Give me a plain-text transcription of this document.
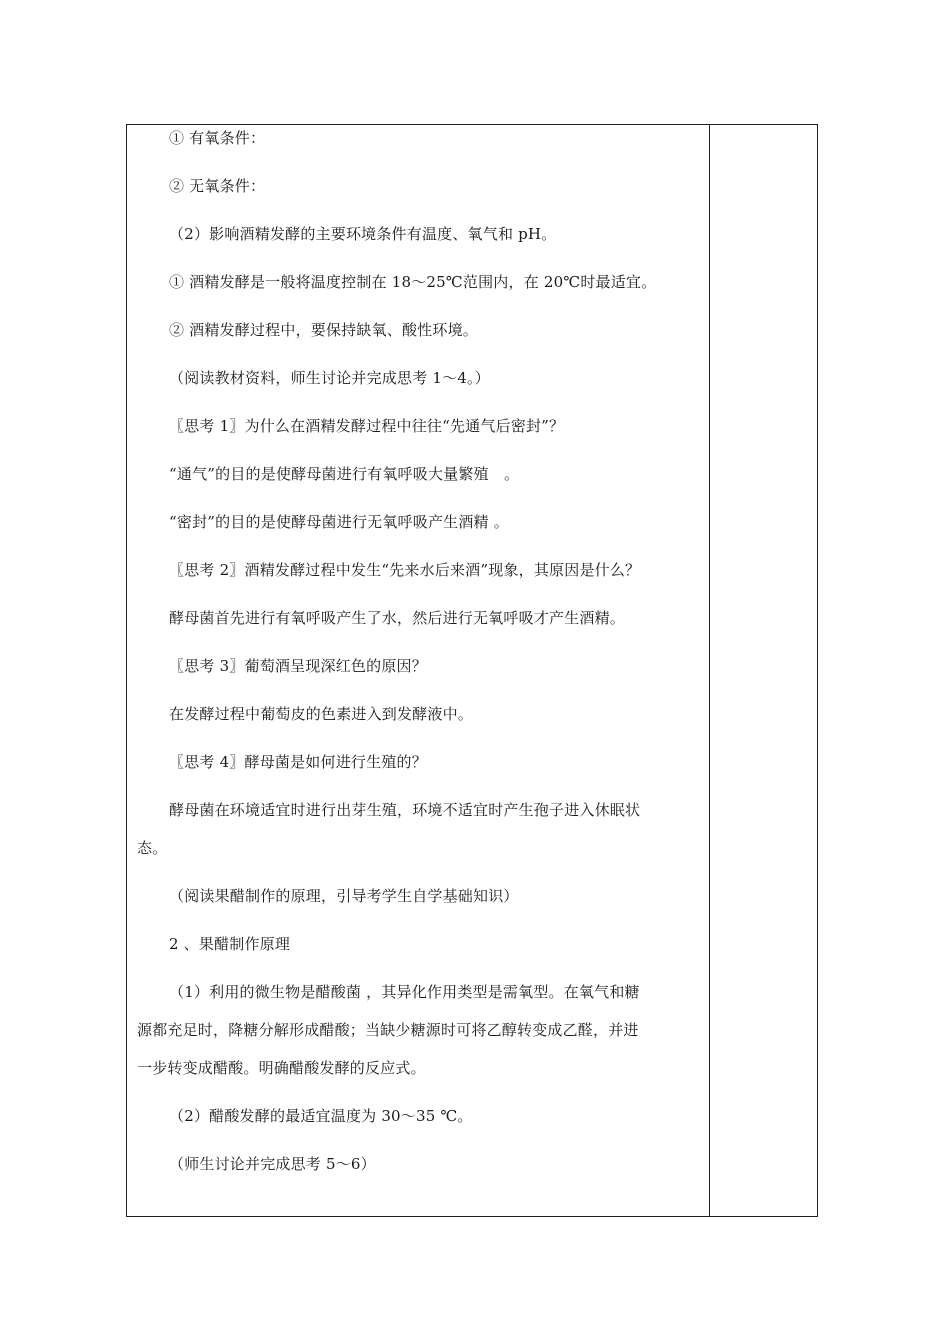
① 有氧条件：
② 无氧条件：
（2）影响酒精发酵的主要环境条件有温度、氧气和 pH。
① 酒精发酵是一般将温度控制在 18～25℃范围内，在 20℃时最适宜。
② 酒精发酵过程中，要保持缺氧、酸性环境。
（阅读教材资料，师生讨论并完成思考 1～4。）
〖思考 1〗为什么在酒精发酵过程中往往“先通气后密封”？
“通气”的目的是使酵母菌进行有氧呼吸大量繁殖　。
“密封”的目的是使酵母菌进行无氧呼吸产生酒精 。
〖思考 2〗酒精发酵过程中发生“先来水后来酒”现象，其原因是什么？
酵母菌首先进行有氧呼吸产生了水，然后进行无氧呼吸才产生酒精。
〖思考 3〗葡萄酒呈现深红色的原因？
在发酵过程中葡萄皮的色素进入到发酵液中。
〖思考 4〗酵母菌是如何进行生殖的？
酵母菌在环境适宜时进行出芽生殖，环境不适宜时产生孢子进入休眠状
态。
（阅读果醋制作的原理，引导考学生自学基础知识）
2 、果醋制作原理
（1）利用的微生物是醋酸菌 ，其异化作用类型是需氧型。在氧气和糖
源都充足时，降糖分解形成醋酸；当缺少糖源时可将乙醇转变成乙醛，并进
一步转变成醋酸。明确醋酸发酵的反应式。
（2）醋酸发酵的最适宜温度为 30～35 ℃。
（师生讨论并完成思考 5～6）
